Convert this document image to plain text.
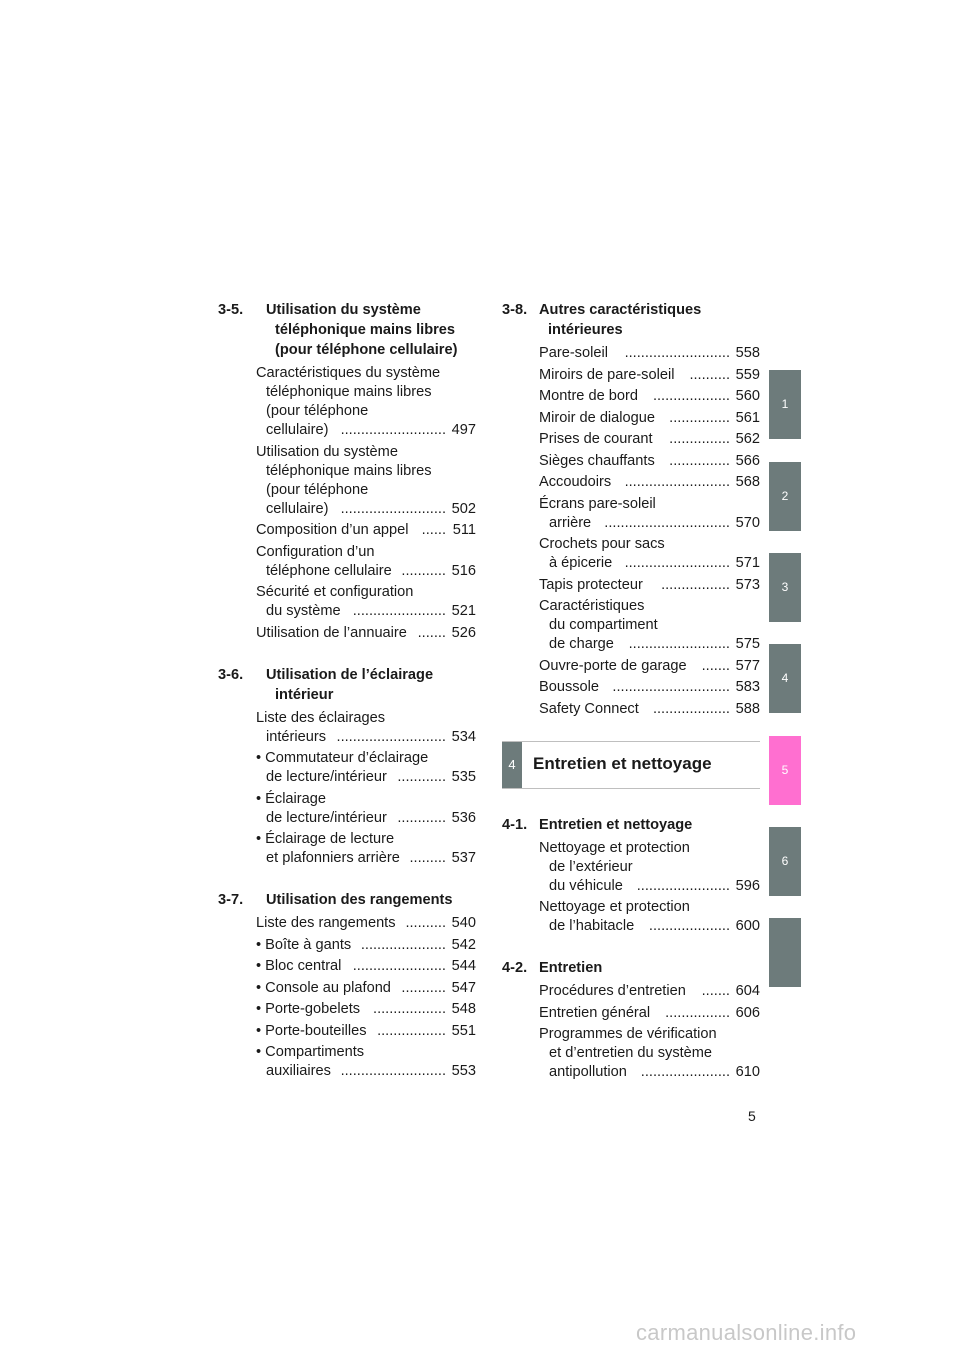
3-5. Utilisation du système
téléphonique mains libres
(pour téléphone cellulaire)
Caractéristiques du système
téléphonique mains libres
(pour téléphone
cellulaire) .......................... 497
Utilisation du système
téléphonique mains libres
(pour téléphone
cellulaire) .......................... 502
Composition d’un appel ...... 511
Configuration d’un
téléphone cellulaire ........... 516
Sécurité et configuration
du système ....................... 521
Utilisation de l’annuaire ....... 526
3-6. Utilisation de l’éclairage
intérieur
Liste des éclairages
intérieurs ........................... 534
• Commutateur d’éclairage
de lecture/intérieur ............ 535
• Éclairage
de lecture/intérieur ............ 536
• Éclairage de lecture
et plafonniers arrière ......... 537
3-7. Utilisation des rangements
Liste des rangements .......... 540
• Boîte à gants ..................... 542
• Bloc central ....................... 544
• Console au plafond ........... 547
• Porte-gobelets .................. 548
• Porte-bouteilles ................. 551
• Compartiments
auxiliaires .......................... 553
3-8. Autres caractéristiques
intérieures
Pare-soleil .......................... 558
Miroirs de pare-soleil .......... 559
Montre de bord ................... 560
Miroir de dialogue ............... 561
Prises de courant ............... 562
Sièges chauffants ............... 566
Accoudoirs .......................... 568
Écrans pare-soleil
arrière ............................... 570
Crochets pour sacs
à épicerie .......................... 571
Tapis protecteur ................. 573
Caractéristiques
du compartiment
de charge ......................... 575
Ouvre-porte de garage ....... 577
Boussole ............................. 583
Safety Connect ................... 588
4	Entretien et nettoyage
4-1. Entretien et nettoyage
Nettoyage et protection
de l’extérieur
du véhicule ....................... 596
Nettoyage et protection
de l’habitacle .................... 600
4-2. Entretien
Procédures d’entretien ....... 604
Entretien général ................ 606
Programmes de vérification
et d’entretien du système
antipollution ...................... 610
1
2
3
4
5
6
5
carmanualsonline.info
